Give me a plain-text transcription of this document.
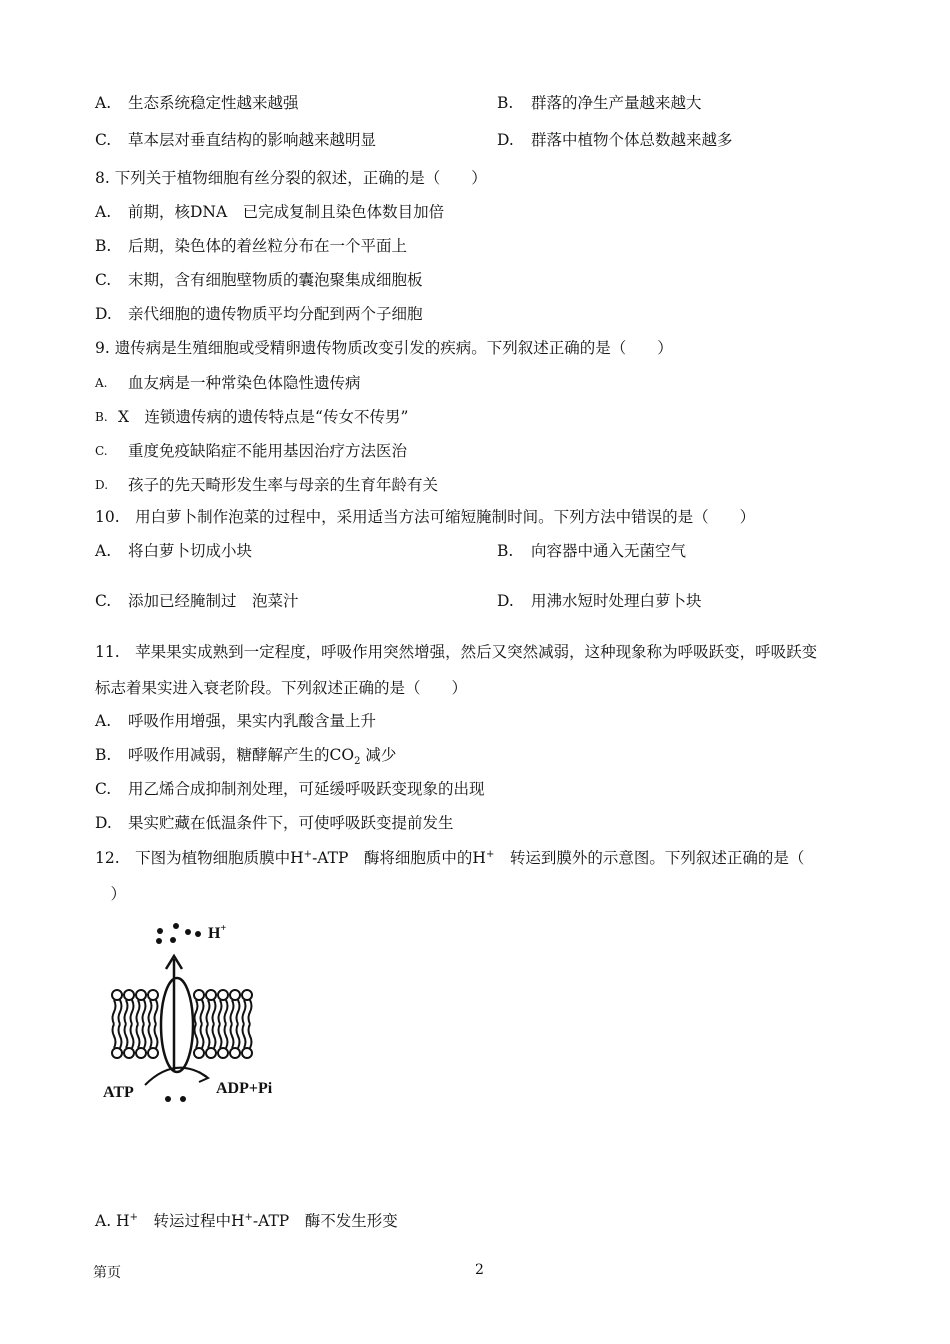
A. 生态系统稳定性越来越强	B. 群落的净生产量越来越大
C. 草本层对垂直结构的影响越来越明显	D. 群落中植物个体总数越来越多
8. 下列关于植物细胞有丝分裂的叙述，正确的是（　　）
A. 前期，核DNA　已完成复制且染色体数目加倍
B. 后期，染色体的着丝粒分布在一个平面上
C. 末期，含有细胞壁物质的囊泡聚集成细胞板
D. 亲代细胞的遗传物质平均分配到两个子细胞
9. 遗传病是生殖细胞或受精卵遗传物质改变引发的疾病。下列叙述正确的是（　　）
A. 血友病是一种常染色体隐性遗传病
B. X　连锁遗传病的遗传特点是“传女不传男”
C. 重度免疫缺陷症不能用基因治疗方法医治
D. 孩子的先天畸形发生率与母亲的生育年龄有关
10.　用白萝卜制作泡菜的过程中，采用适当方法可缩短腌制时间。下列方法中错误的是（　　）
A. 将白萝卜切成小块	B. 向容器中通入无菌空气
C. 添加已经腌制过　泡菜汁	D. 用沸水短时处理白萝卜块
11.　苹果果实成熟到一定程度，呼吸作用突然增强，然后又突然减弱，这种现象称为呼吸跃变，呼吸跃变
标志着果实进入衰老阶段。下列叙述正确的是（　　）
A. 呼吸作用增强，果实内乳酸含量上升
B. 呼吸作用减弱，糖酵解产生的$CO_2$ 减少
C. 用乙烯合成抑制剂处理，可延缓呼吸跃变现象的出现
D. 果实贮藏在低温条件下，可使呼吸跃变提前发生
12.　下图为植物细胞质膜中H+-ATP　酶将细胞质中的H+　转运到膜外的示意图。下列叙述正确的是（
　）
H+
ATP	ADP+Pi
A. H+　转运过程中H+-ATP　酶不发生形变
第页	2
